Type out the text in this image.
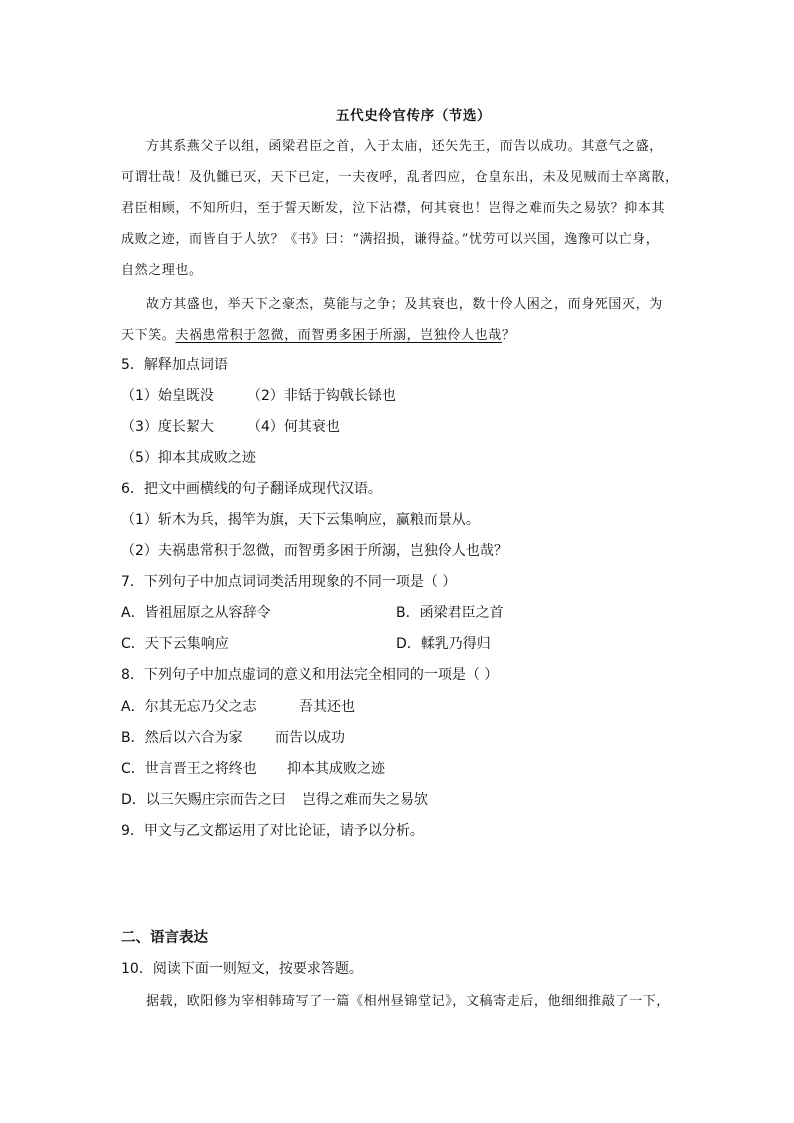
五代史伶官传序（节选）
方其系燕父子以组，函梁君臣之首，入于太庙，还矢先王，而告以成功。其意气之盛，
可谓壮哉！及仇雠已灭，天下已定，一夫夜呼，乱者四应，仓皇东出，未及见贼而士卒离散，
君臣相顾，不知所归，至于誓天断发，泣下沾襟，何其衰也！岂得之难而失之易欤？抑本其
成败之迹，而皆自于人欤？《书》曰：“满招损，谦得益。”忧劳可以兴国，逸豫可以亡身，
自然之理也。
故方其盛也，举天下之豪杰，莫能与之争；及其衰也，数十伶人困之，而身死国灭，为
天下笑。夫祸患常积于忽微，而智勇多困于所溺，岂独伶人也哉？
5．解释加点词语
（1）始皇既没 （2）非铦于钩戟长铩也
（3）度长絜大 （4）何其衰也
（5）抑本其成败之迹
6．把文中画横线的句子翻译成现代汉语。
（1）斩木为兵，揭竿为旗，天下云集响应，赢粮而景从。
（2）夫祸患常积于忽微，而智勇多困于所溺，岂独伶人也哉？
7．下列句子中加点词词类活用现象的不同一项是（ ）
A．皆祖屈原之从容辞令	B．函梁君臣之首
C．天下云集响应	D．輮乳乃得归
8．下列句子中加点虚词的意义和用法完全相同的一项是（ ）
A．尔其无忘乃父之志	吾其还也
B．然后以六合为家 而告以成功
C．世言晋王之将终也 抑本其成败之迹
D．以三矢赐庄宗而告之曰 岂得之难而失之易欤
9．甲文与乙文都运用了对比论证，请予以分析。
二、语言表达
10．阅读下面一则短文，按要求答题。
据载，欧阳修为宰相韩琦写了一篇《相州昼锦堂记》，文稿寄走后，他细细推敲了一下，
